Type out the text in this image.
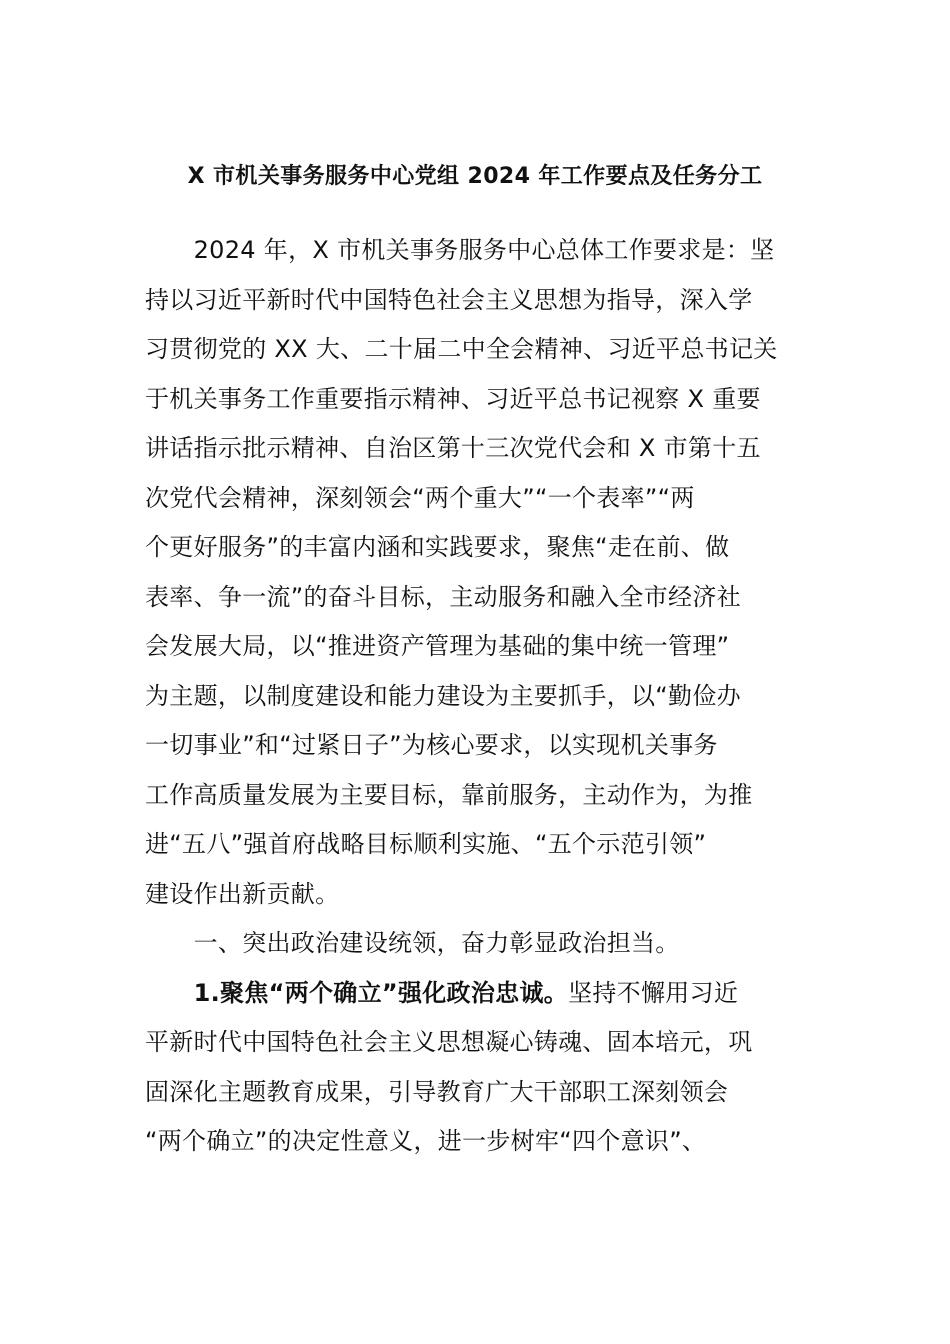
X 市机关事务服务中心党组 2024 年工作要点及任务分工
　　2024 年，X 市机关事务服务中心总体工作要求是：坚
持以习近平新时代中国特色社会主义思想为指导，深入学
习贯彻党的 XX 大、二十届二中全会精神、习近平总书记关
于机关事务工作重要指示精神、习近平总书记视察 X 重要
讲话指示批示精神、自治区第十三次党代会和 X 市第十五
次党代会精神，深刻领会“两个重大”“一个表率”“两
个更好服务”的丰富内涵和实践要求，聚焦“走在前、做
表率、争一流”的奋斗目标，主动服务和融入全市经济社
会发展大局，以“推进资产管理为基础的集中统一管理”
为主题，以制度建设和能力建设为主要抓手，以“勤俭办
一切事业”和“过紧日子”为核心要求，以实现机关事务
工作高质量发展为主要目标，靠前服务，主动作为，为推
进“五八”强首府战略目标顺利实施、“五个示范引领”
建设作出新贡献。
　　一、突出政治建设统领，奋力彰显政治担当。
　　1.聚焦“两个确立”强化政治忠诚。坚持不懈用习近
平新时代中国特色社会主义思想凝心铸魂、固本培元，巩
固深化主题教育成果，引导教育广大干部职工深刻领会
“两个确立”的决定性意义，进一步树牢“四个意识”、
